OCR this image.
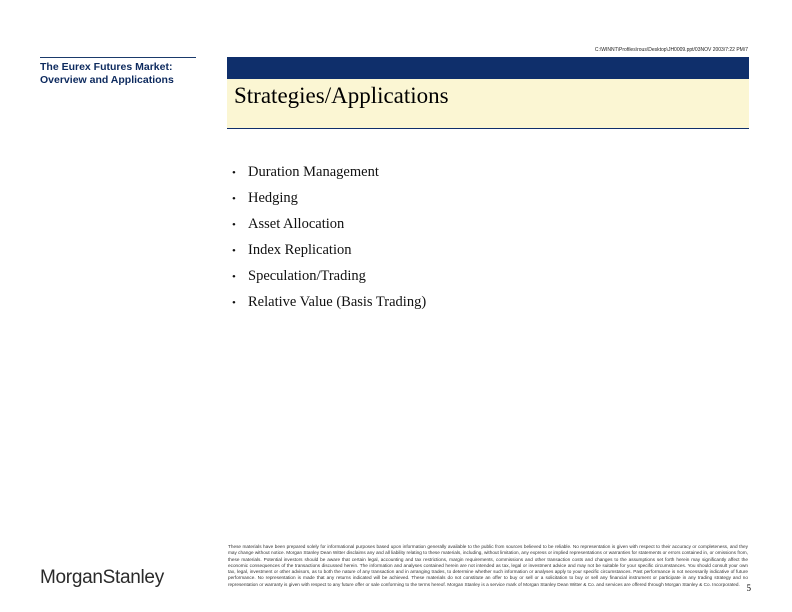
C:\WINNT\Profiles\rous\Desktop\JH0009.ppt/03NOV 2003/7:22 PM/7
The Eurex Futures Market:
Overview and Applications
Strategies/Applications
• Duration Management
• Hedging
• Asset Allocation
• Index Replication
• Speculation/Trading
• Relative Value (Basis Trading)
These materials have been prepared solely for informational purposes based upon information generally available to the public from sources believed to be reliable. No representation is given with respect to their accuracy or completeness, and they may change without notice. Morgan Stanley Dean Witter disclaims any and all liability relating to these materials, including, without limitation, any express or implied representations or warranties for statements or errors contained in, or omissions from, these materials. Potential investors should be aware that certain legal, accounting and tax restrictions, margin requirements, commissions and other transaction costs and changes to the assumptions set forth herein may significantly affect the economic consequences of the transactions discussed herein. The information and analyses contained herein are not intended as tax, legal or investment advice and may not be suitable for your specific circumstances. You should consult your own tax, legal, investment or other advisors, as to both the nature of any transaction and in arranging trades, to determine whether such information or analyses apply to your specific circumstances. Past performance is not necessarily indicative of future performance. No representation is made that any returns indicated will be achieved. These materials do not constitute an offer to buy or sell or a solicitation to buy or sell any financial instrument or participate in any trading strategy and no representation or warranty is given with respect to any future offer or sale conforming to the terms hereof. Morgan Stanley is a service mark of Morgan Stanley Dean Witter & Co. and services are offered through Morgan Stanley & Co. Incorporated.
MorganStanley	5
